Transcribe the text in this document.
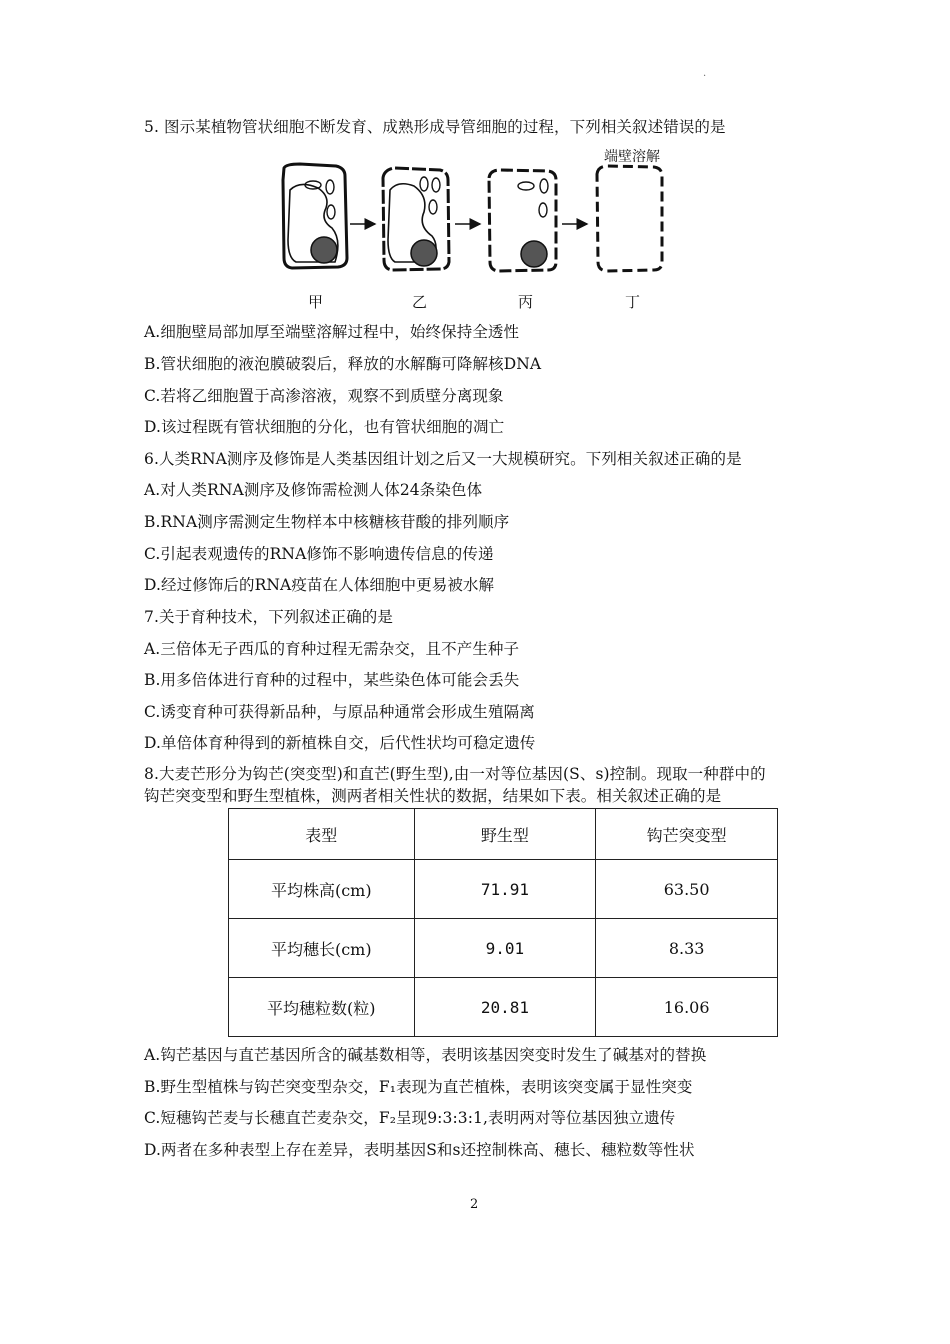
.
5. 图示某植物管状细胞不断发育、成熟形成导管细胞的过程，下列相关叙述错误的是
端壁溶解
甲	乙	丙	丁
A.细胞壁局部加厚至端壁溶解过程中，始终保持全透性
B.管状细胞的液泡膜破裂后，释放的水解酶可降解核DNA
C.若将乙细胞置于高渗溶液，观察不到质壁分离现象
D.该过程既有管状细胞的分化，也有管状细胞的凋亡
6.人类RNA测序及修饰是人类基因组计划之后又一大规模研究。下列相关叙述正确的是
A.对人类RNA测序及修饰需检测人体24条染色体
B.RNA测序需测定生物样本中核糖核苷酸的排列顺序
C.引起表观遗传的RNA修饰不影响遗传信息的传递
D.经过修饰后的RNA疫苗在人体细胞中更易被水解
7.关于育种技术，下列叙述正确的是
A.三倍体无子西瓜的育种过程无需杂交，且不产生种子
B.用多倍体进行育种的过程中，某些染色体可能会丢失
C.诱变育种可获得新品种，与原品种通常会形成生殖隔离
D.单倍体育种得到的新植株自交，后代性状均可稳定遗传
8.大麦芒形分为钩芒(突变型)和直芒(野生型),由一对等位基因(S、s)控制。现取一种群中的
钩芒突变型和野生型植株，测两者相关性状的数据，结果如下表。相关叙述正确的是
表型	野生型	钩芒突变型
平均株高(cm)	71.91	63.50
平均穗长(cm)	9.01	8.33
平均穗粒数(粒)	20.81	16.06
A.钩芒基因与直芒基因所含的碱基数相等，表明该基因突变时发生了碱基对的替换
B.野生型植株与钩芒突变型杂交，F₁表现为直芒植株，表明该突变属于显性突变
C.短穗钩芒麦与长穗直芒麦杂交，F₂呈现9:3:3:1,表明两对等位基因独立遗传
D.两者在多种表型上存在差异，表明基因S和s还控制株高、穗长、穗粒数等性状
2
